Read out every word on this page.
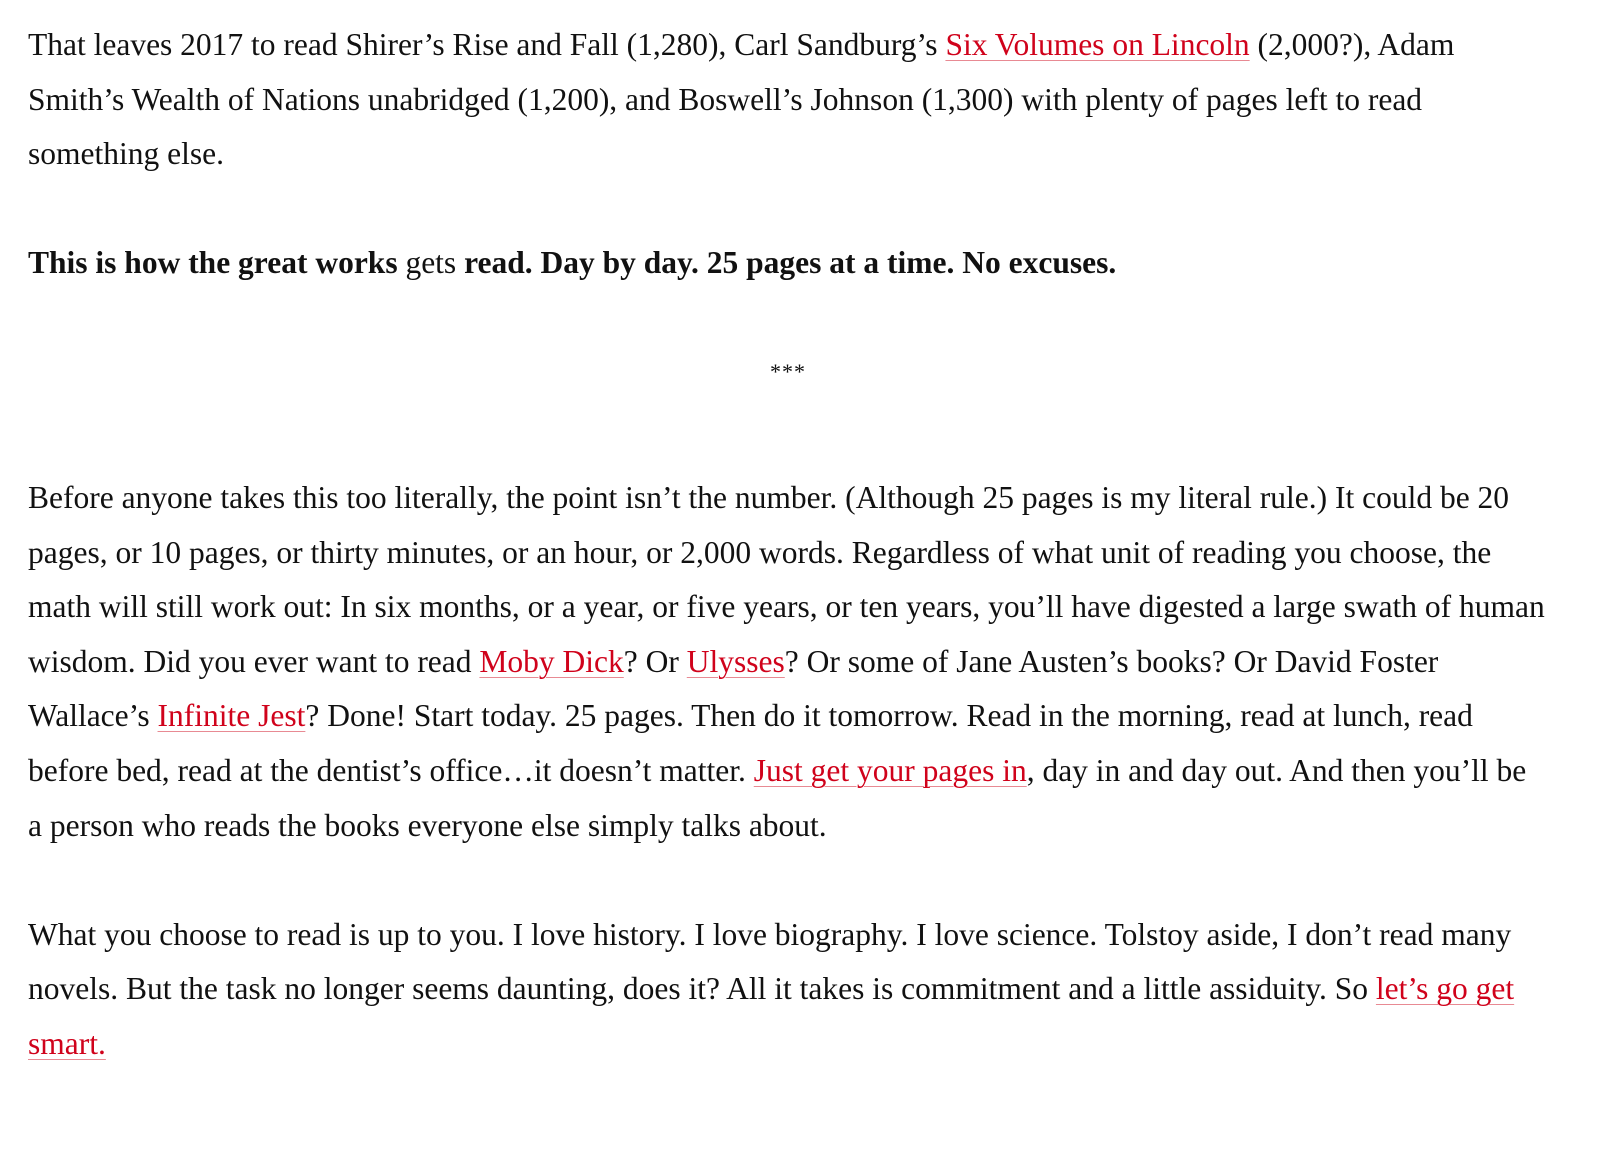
That leaves 2017 to read Shirer’s Rise and Fall (1,280), Carl Sandburg’s Six Volumes on Lincoln (2,000?), Adam Smith’s Wealth of Nations unabridged (1,200), and Boswell’s Johnson (1,300) with plenty of pages left to read something else.

This is how the great works gets read. Day by day. 25 pages at a time. No excuses.

***

Before anyone takes this too literally, the point isn’t the number. (Although 25 pages is my literal rule.) It could be 20 pages, or 10 pages, or thirty minutes, or an hour, or 2,000 words. Regardless of what unit of reading you choose, the math will still work out: In six months, or a year, or five years, or ten years, you’ll have digested a large swath of human wisdom. Did you ever want to read Moby Dick? Or Ulysses? Or some of Jane Austen’s books? Or David Foster Wallace’s Infinite Jest? Done! Start today. 25 pages. Then do it tomorrow. Read in the morning, read at lunch, read before bed, read at the dentist’s office…it doesn’t matter. Just get your pages in, day in and day out. And then you’ll be a person who reads the books everyone else simply talks about.

What you choose to read is up to you. I love history. I love biography. I love science. Tolstoy aside, I don’t read many novels. But the task no longer seems daunting, does it? All it takes is commitment and a little assiduity. So let’s go get smart.
